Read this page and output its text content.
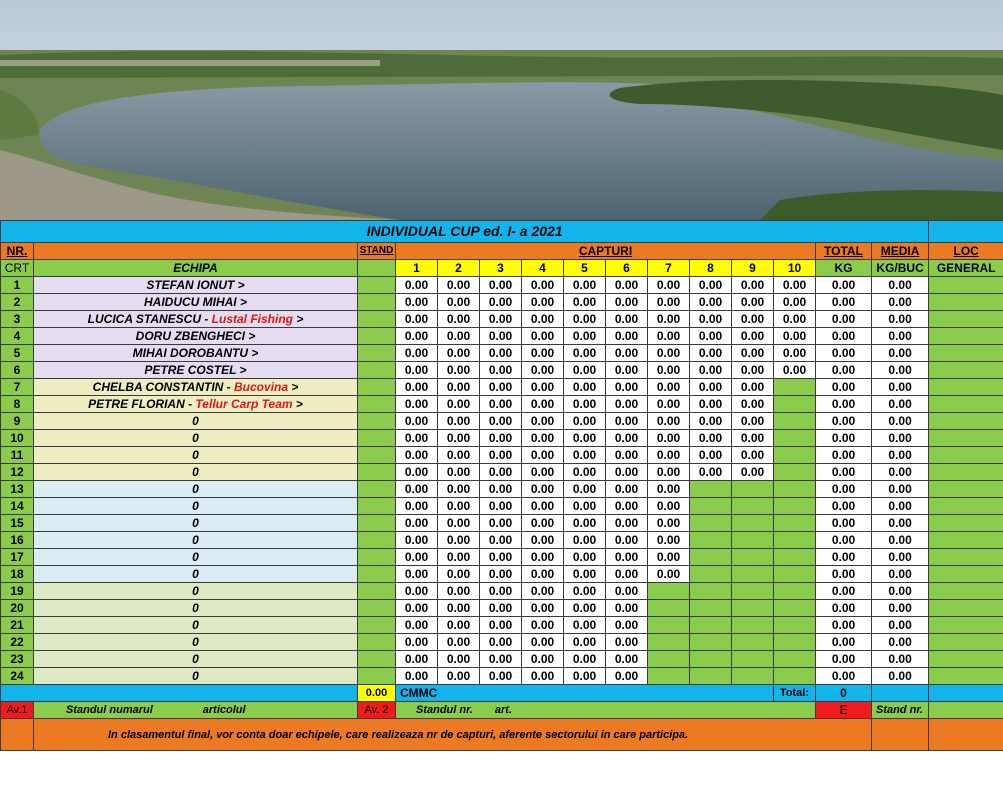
INDIVIDUAL CUP ed. I- a 2021															
NR.		STAND	CAPTURI										TOTAL	MEDIA	LOC
CRT	ECHIPA		1	2	3	4	5	6	7	8	9	10	KG	KG/BUC	GENERAL
1	STEFAN IONUT >		0.00	0.00	0.00	0.00	0.00	0.00	0.00	0.00	0.00	0.00	0.00	0.00	
2	HAIDUCU MIHAI >		0.00	0.00	0.00	0.00	0.00	0.00	0.00	0.00	0.00	0.00	0.00	0.00	
3	LUCICA STANESCU - Lustal Fishing >		0.00	0.00	0.00	0.00	0.00	0.00	0.00	0.00	0.00	0.00	0.00	0.00	
4	DORU ZBENGHECI >		0.00	0.00	0.00	0.00	0.00	0.00	0.00	0.00	0.00	0.00	0.00	0.00	
5	MIHAI DOROBANTU >		0.00	0.00	0.00	0.00	0.00	0.00	0.00	0.00	0.00	0.00	0.00	0.00	
6	PETRE COSTEL >		0.00	0.00	0.00	0.00	0.00	0.00	0.00	0.00	0.00	0.00	0.00	0.00	
7	CHELBA CONSTANTIN - Bucovina >		0.00	0.00	0.00	0.00	0.00	0.00	0.00	0.00	0.00		0.00	0.00	
8	PETRE FLORIAN - Tellur Carp Team >		0.00	0.00	0.00	0.00	0.00	0.00	0.00	0.00	0.00		0.00	0.00	
9	0		0.00	0.00	0.00	0.00	0.00	0.00	0.00	0.00	0.00		0.00	0.00	
10	0		0.00	0.00	0.00	0.00	0.00	0.00	0.00	0.00	0.00		0.00	0.00	
11	0		0.00	0.00	0.00	0.00	0.00	0.00	0.00	0.00	0.00		0.00	0.00	
12	0		0.00	0.00	0.00	0.00	0.00	0.00	0.00	0.00	0.00		0.00	0.00	
13	0		0.00	0.00	0.00	0.00	0.00	0.00	0.00				0.00	0.00	
14	0		0.00	0.00	0.00	0.00	0.00	0.00	0.00				0.00	0.00	
15	0		0.00	0.00	0.00	0.00	0.00	0.00	0.00				0.00	0.00	
16	0		0.00	0.00	0.00	0.00	0.00	0.00	0.00				0.00	0.00	
17	0		0.00	0.00	0.00	0.00	0.00	0.00	0.00				0.00	0.00	
18	0		0.00	0.00	0.00	0.00	0.00	0.00	0.00				0.00	0.00	
19	0		0.00	0.00	0.00	0.00	0.00	0.00					0.00	0.00	
20	0		0.00	0.00	0.00	0.00	0.00	0.00					0.00	0.00	
21	0		0.00	0.00	0.00	0.00	0.00	0.00					0.00	0.00	
22	0		0.00	0.00	0.00	0.00	0.00	0.00					0.00	0.00	
23	0		0.00	0.00	0.00	0.00	0.00	0.00					0.00	0.00	
24	0		0.00	0.00	0.00	0.00	0.00	0.00					0.00	0.00	
		0.00	CMMC									Total:	0		
Av.1	Standul numarul articolul	Av. 2	Standul nr. art.										E	Stand nr.	
	In clasamentul final, vor conta doar echipele, care realizeaza nr de capturi, aferente sectorului in care participa.														
